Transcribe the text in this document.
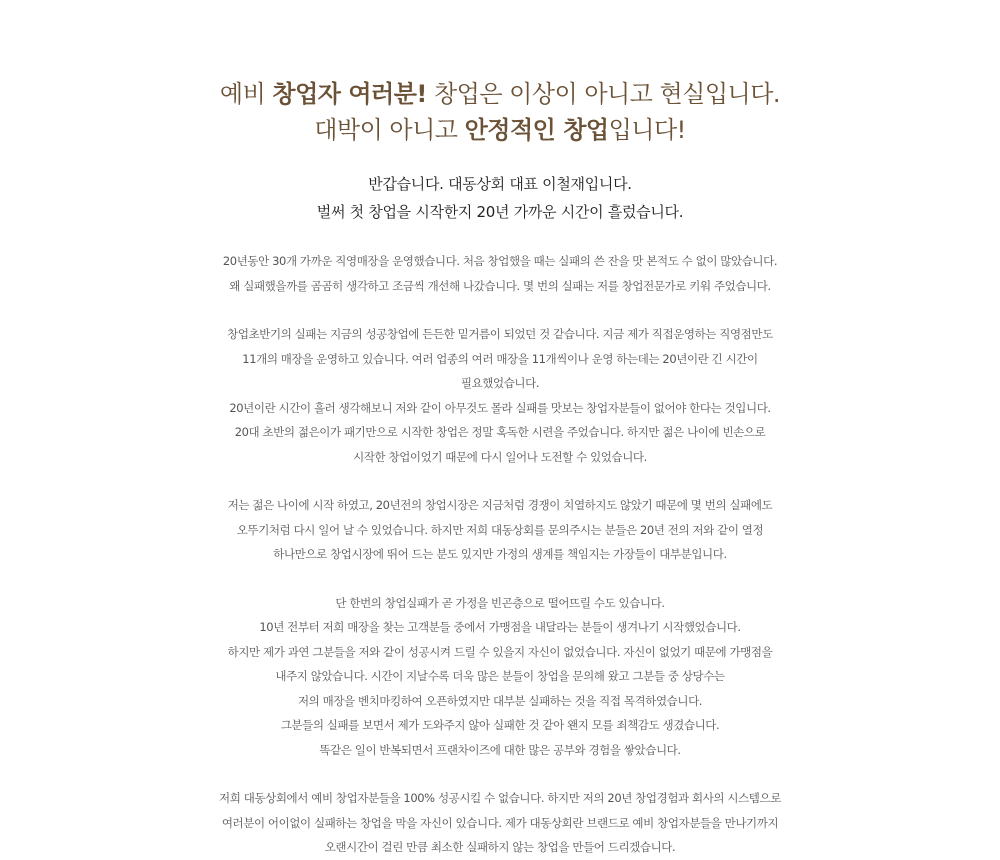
예비 창업자 여러분! 창업은 이상이 아니고 현실입니다.
대박이 아니고 안정적인 창업입니다!
반갑습니다. 대동상회 대표 이철재입니다.
벌써 첫 창업을 시작한지 20년 가까운 시간이 흘렀습니다.

20년동안 30개 가까운 직영매장을 운영했습니다. 처음 창업했을 때는 실패의 쓴 잔을 맛 본적도 수 없이 많았습니다.
왜 실패했을까를 곰곰히 생각하고 조금씩 개선해 나갔습니다. 몇 번의 실패는 저를 창업전문가로 키워 주었습니다.

창업초반기의 실패는 지금의 성공창업에 든든한 밑거름이 되었던 것 같습니다. 지금 제가 직접운영하는 직영점만도
11개의 매장을 운영하고 있습니다. 여러 업종의 여러 매장을 11개씩이나 운영 하는데는 20년이란 긴 시간이
필요했었습니다.
20년이란 시간이 흘러 생각해보니 저와 같이 아무것도 몰라 실패를 맛보는 창업자분들이 없어야 한다는 것입니다.
20대 초반의 젊은이가 패기만으로 시작한 창업은 정말 혹독한 시련을 주었습니다. 하지만 젊은 나이에 빈손으로
시작한 창업이었기 때문에 다시 일어나 도전할 수 있었습니다.

저는 젊은 나이에 시작 하였고, 20년전의 창업시장은 지금처럼 경쟁이 치열하지도 않았기 때문에 몇 번의 실패에도
오뚜기처럼 다시 일어 날 수 있었습니다. 하지만 저희 대동상회를 문의주시는 분들은 20년 전의 저와 같이 열정
하나만으로 창업시장에 뛰어 드는 분도 있지만 가정의 생계를 책임지는 가장들이 대부분입니다.

단 한번의 창업실패가 곧 가정을 빈곤층으로 떨어뜨릴 수도 있습니다.
10년 전부터 저희 매장을 찾는 고객분들 중에서 가맹점을 내달라는 분들이 생겨나기 시작했었습니다.
하지만 제가 과연 그분들을 저와 같이 성공시켜 드릴 수 있을지 자신이 없었습니다. 자신이 없었기 때문에 가맹점을
내주지 않았습니다. 시간이 지날수록 더욱 많은 분들이 창업을 문의해 왔고 그분들 중 상당수는
저의 매장을 벤치마킹하여 오픈하였지만 대부분 실패하는 것을 직접 목격하였습니다.
그분들의 실패를 보면서 제가 도와주지 않아 실패한 것 같아 왠지 모를 죄책감도 생겼습니다.
똑같은 일이 반복되면서 프랜차이즈에 대한 많은 공부와 경험을 쌓았습니다.

저희 대동상회에서 예비 창업자분들을 100% 성공시킬 수 없습니다. 하지만 저의 20년 창업경험과 회사의 시스템으로
여러분이 어이없이 실패하는 창업을 막을 자신이 있습니다. 제가 대동상회란 브랜드로 예비 창업자분들을 만나기까지
오랜시간이 걸린 만큼 최소한 실패하지 않는 창업을 만들어 드리겠습니다.
